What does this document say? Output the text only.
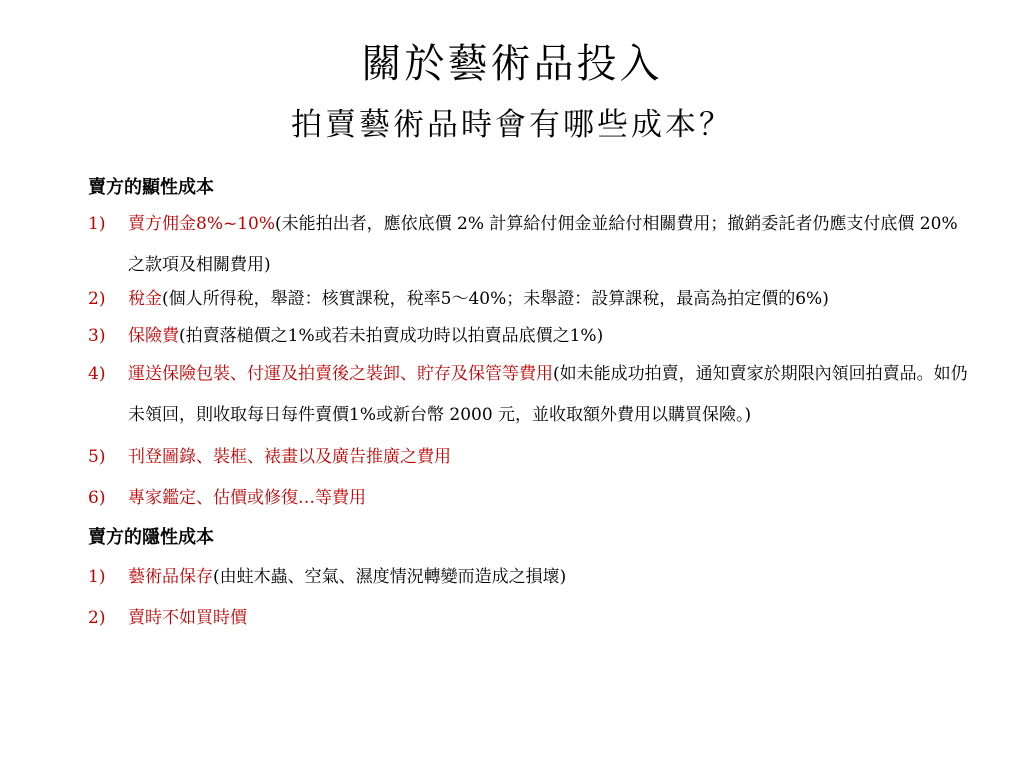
關於藝術品投入
拍賣藝術品時會有哪些成本？

賣方的顯性成本

1) 賣方佣金8%~10%(未能拍出者，應依底價 2% 計算給付佣金並給付相關費用；撤銷委託者仍應支付底價 20% 之款項及相關費用)
2) 稅金(個人所得稅，舉證：核實課稅，稅率5～40%；未舉證：設算課稅，最高為拍定價的6%)
3) 保險費(拍賣落槌價之1%或若未拍賣成功時以拍賣品底價之1%)
4) 運送保險包裝、付運及拍賣後之裝卸、貯存及保管等費用(如未能成功拍賣，通知賣家於期限內領回拍賣品。如仍未領回，則收取每日每件賣價1%或新台幣 2000 元，並收取額外費用以購買保險。)
5) 刊登圖錄、裝框、裱畫以及廣告推廣之費用
6) 專家鑑定、估價或修復…等費用

賣方的隱性成本

1) 藝術品保存(由蛀木蟲、空氣、濕度情況轉變而造成之損壞)
2) 賣時不如買時價
